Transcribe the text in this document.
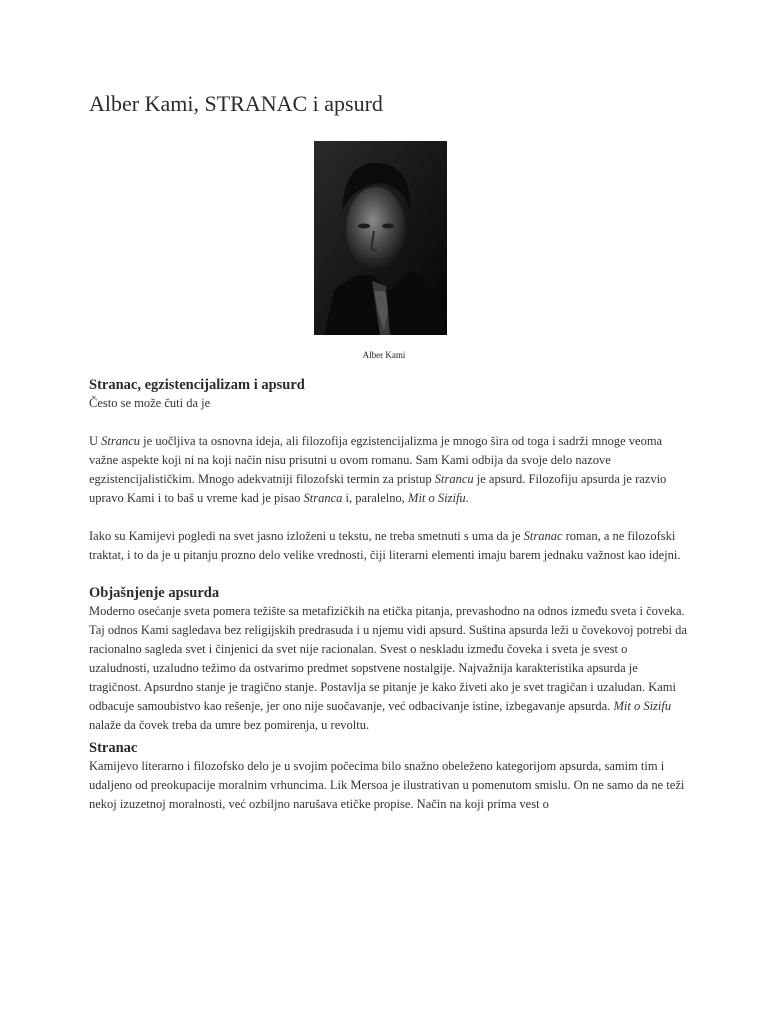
Alber Kami, STRANAC i apsurd
Alber Kami
Stranac, egzistencijalizam i apsurd

Često se može čuti da je

U Strancu je uočljiva ta osnovna ideja, ali filozofija egzistencijalizma je mnogo šira od toga i sadrži mnoge veoma važne aspekte koji ni na koji način nisu prisutni u ovom romanu. Sam Kami odbija da svoje delo nazove egzistencijalističkim. Mnogo adekvatniji filozofski termin za pristup Strancu je apsurd. Filozofiju apsurda je razvio upravo Kami i to baš u vreme kad je pisao Stranca i, paralelno, Mit o Sizifu.

Iako su Kamijevi pogledi na svet jasno izloženi u tekstu, ne treba smetnuti s uma da je Stranac roman, a ne filozofski traktat, i to da je u pitanju prozno delo velike vrednosti, čiji literarni elementi imaju barem jednaku važnost kao idejni.

Objašnjenje apsurda

Moderno osećanje sveta pomera težište sa metafizičkih na etička pitanja, prevashodno na odnos između sveta i čoveka. Taj odnos Kami sagledava bez religijskih predrasuda i u njemu vidi apsurd. Suština apsurda leži u čovekovoj potrebi da racionalno sagleda svet i činjenici da svet nije racionalan. Svest o neskladu između čoveka i sveta je svest o uzaludnosti, uzaludno težimo da ostvarimo predmet sopstvene nostalgije. Najvažnija karakteristika apsurda je tragičnost. Apsurdno stanje je tragično stanje. Postavlja se pitanje je kako živeti ako je svet tragičan i uzaludan. Kami odbacuje samoubistvo kao rešenje, jer ono nije suočavanje, već odbacivanje istine, izbegavanje apsurda. Mit o Sizifu nalaže da čovek treba da umre bez pomirenja, u revoltu.

Stranac

Kamijevo literarno i filozofsko delo je u svojim počecima bilo snažno obeleženo kategorijom apsurda, samim tim i udaljeno od preokupacije moralnim vrhuncima. Lik Mersoa je ilustrativan u pomenutom smislu. On ne samo da ne teži nekoj izuzetnoj moralnosti, već ozbiljno narušava etičke propise. Način na koji prima vest o
